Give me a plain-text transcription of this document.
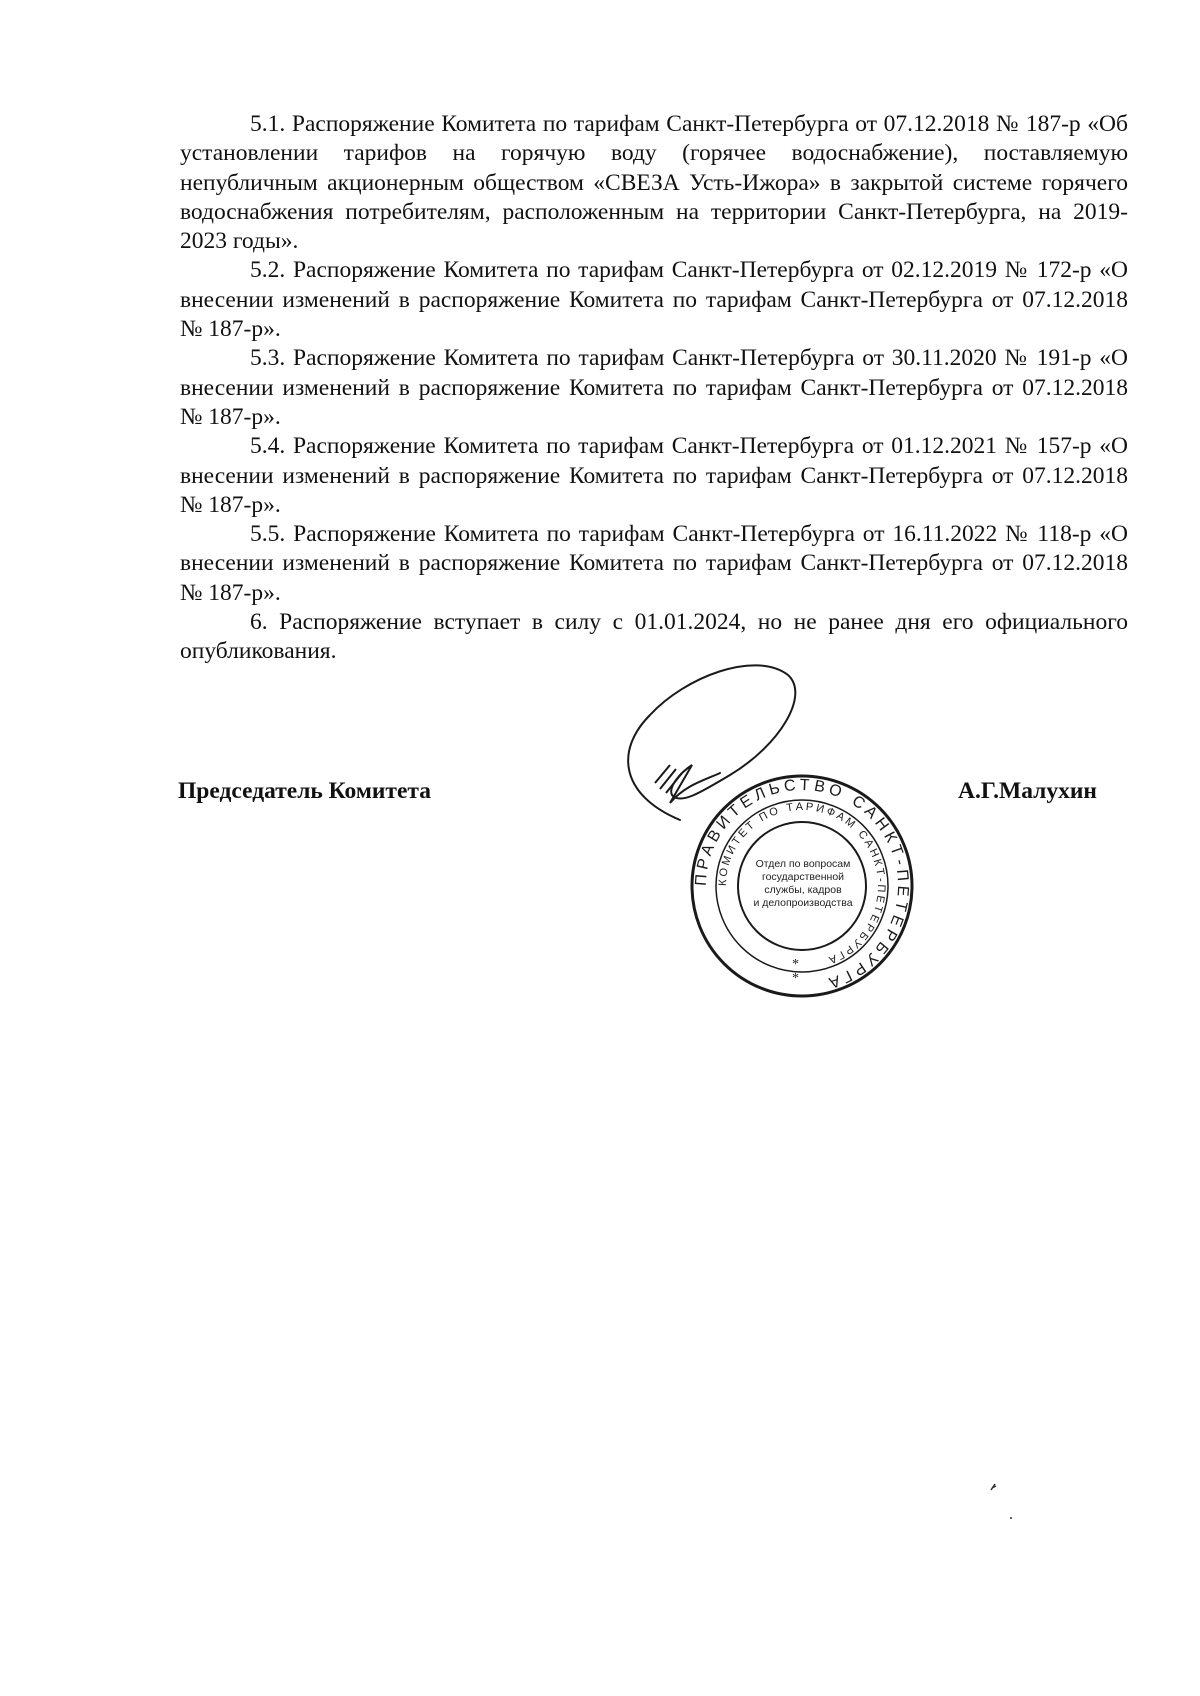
5.1. Распоряжение Комитета по тарифам Санкт-Петербурга от 07.12.2018 № 187-р «Об установлении тарифов на горячую воду (горячее водоснабжение), поставляемую непубличным акционерным обществом «СВЕЗА Усть-Ижора» в закрытой системе горячего водоснабжения потребителям, расположенным на территории Санкт-Петербурга, на 2019-2023 годы».

5.2. Распоряжение Комитета по тарифам Санкт-Петербурга от 02.12.2019 № 172-р «О внесении изменений в распоряжение Комитета по тарифам Санкт-Петербурга от 07.12.2018 № 187-р».

5.3. Распоряжение Комитета по тарифам Санкт-Петербурга от 30.11.2020 № 191-р «О внесении изменений в распоряжение Комитета по тарифам Санкт-Петербурга от 07.12.2018 № 187-р».

5.4. Распоряжение Комитета по тарифам Санкт-Петербурга от 01.12.2021 № 157-р «О внесении изменений в распоряжение Комитета по тарифам Санкт-Петербурга от 07.12.2018 № 187-р».

5.5. Распоряжение Комитета по тарифам Санкт-Петербурга от 16.11.2022 № 118-р «О внесении изменений в распоряжение Комитета по тарифам Санкт-Петербурга от 07.12.2018 № 187-р».

6. Распоряжение вступает в силу с 01.01.2024, но не ранее дня его официального опубликования.

Председатель Комитета	А.Г.Малухин
ПРАВИТЕЛЬСТВО САНКТ-ПЕТЕРБУРГА
КОМИТЕТ ПО ТАРИФАМ САНКТ-ПЕТЕРБУРГА
*
*
Отдел по вопросам
государственной
службы, кадров
и делопроизводства
